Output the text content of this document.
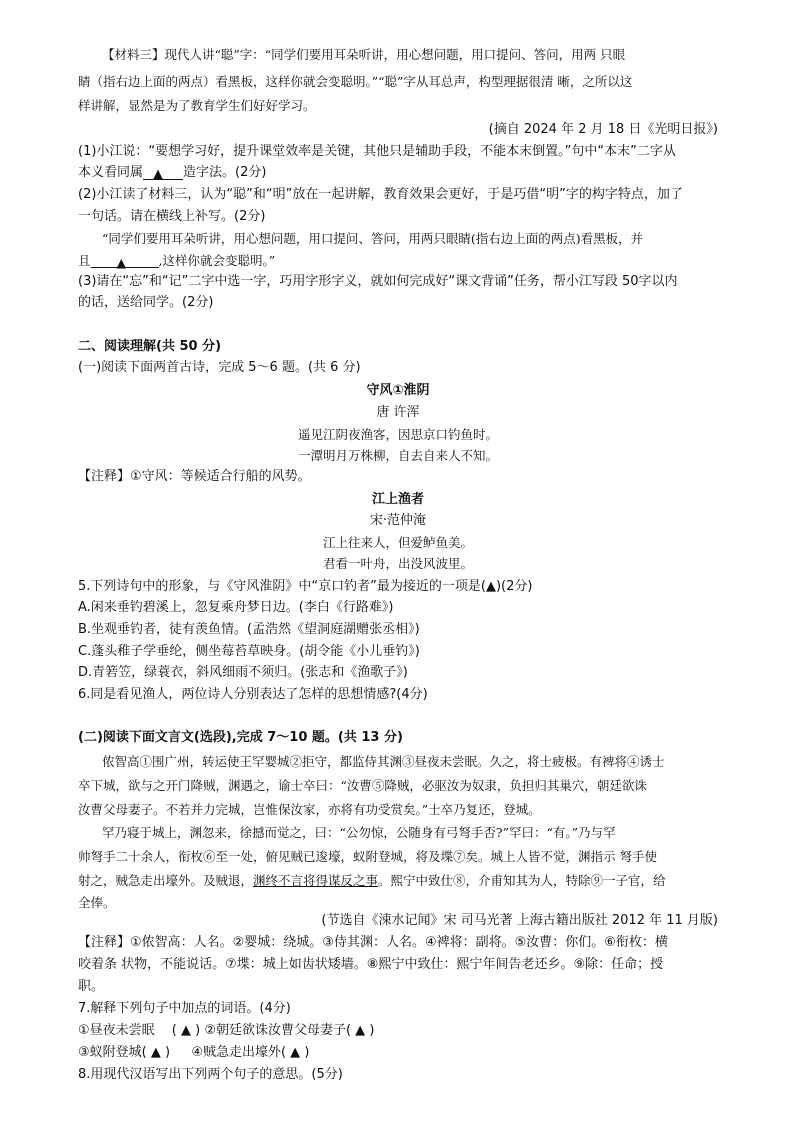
【材料三】现代人讲“聪”字：“同学们要用耳朵听讲，用心想问题，用口提问、答问，用两 只眼
睛（指右边上面的两点）看黑板，这样你就会变聪明。”“聪”字从耳总声，构型理据很清 晰，之所以这
样讲解，显然是为了教育学生们好好学习。
(摘自 2024 年 2 月 18 日《光明日报》)
(1)小江说：“要想学习好，提升课堂效率是关键，其他只是辅助手段，不能本末倒置。”句中“本末”二字从
本义看同属 ▲ 造字法。(2分)
(2)小江读了材料三，认为“聪”和“明”放在一起讲解，教育效果会更好，于是巧借“明”字的构字特点，加了
一句话。请在横线上补写。(2分)
“同学们要用耳朵听讲，用心想问题，用口提问、答问，用两只眼睛(指右边上面的两点)看黑板，并
且 ▲	,这样你就会变聪明。”
(3)请在“忘”和“记”二字中选一字，巧用字形字义，就如何完成好“课文背诵”任务，帮小江写段 50字以内
的话，送给同学。(2分)
二、阅读理解(共 50 分)
(一)阅读下面两首古诗，完成 5～6 题。(共 6 分)
守风①淮阴
唐 许浑
遥见江阴夜渔客，因思京口钓鱼时。
一潭明月万株柳，自去自来人不知。
【注释】①守风：等候适合行船的风势。
江上渔者
宋·范仲淹
江上往来人，但爱鲈鱼美。
君看一叶舟，出没风波里。
5.下列诗句中的形象，与《守风淮阴》中“京口钓者”最为接近的一项是(▲)(2分)
A.闲来垂钓碧溪上，忽复乘舟梦日边。(李白《行路难》)
B.坐观垂钓者，徒有羡鱼情。(孟浩然《望洞庭湖赠张丞相》)
C.蓬头稚子学垂纶，侧坐莓苔草映身。(胡令能《小儿垂钓》)
D.青箬笠，绿蓑衣，斜风细雨不须归。(张志和《渔歌子》)
6.同是看见渔人，两位诗人分别表达了怎样的思想情感?(4分)
(二)阅读下面文言文(选段),完成 7～10 题。(共 13 分)
侬智高①围广州，转运使王罕婴城②拒守，都监侍其渊③昼夜未尝眠。久之，将士疲极。有裨将④诱士
卒下城，欲与之开门降贼，渊遇之，谕士卒曰：“汝曹⑤降贼，必驱汝为奴隶，负担归其巢穴，朝廷欲诛
汝曹父母妻子。不若并力完城，岂惟保汝家，亦将有功受赏矣。”士卒乃复还，登城。
罕乃寝于城上，渊忽来，徐撼而觉之，曰：“公勿惊，公随身有弓弩手否?”罕曰：“有。”乃与罕
帅弩手二十余人，衔枚⑥至一处，俯见贼已逡壕，蚁附登城，将及堞⑦矣。城上人皆不觉，渊指示 弩手使
射之，贼急走出壕外。及贼退，渊终不言将得谋反之事。熙宁中致仕⑧，介甫知其为人，特除⑨一子官，给
全俸。
(节选自《涑水记闻》宋 司马光著 上海古籍出版社 2012 年 11 月版)
【注释】①侬智高：人名。②婴城：绕城。③侍其渊：人名。④裨将：副将。⑤汝曹：你们。⑥衔枚：横
咬着条 状物，不能说话。⑦堞：城上如齿状矮墙。⑧熙宁中致仕：熙宁年间告老还乡。⑨除：任命；授
职。
7.解释下列句子中加点的词语。(4分)
①昼夜未尝眠　 ( ▲ ) ②朝廷欲诛汝曹父母妻子( ▲ )
③蚁附登城( ▲ ) 　 ④贼急走出壕外( ▲ )
8.用现代汉语写出下列两个句子的意思。(5分)
